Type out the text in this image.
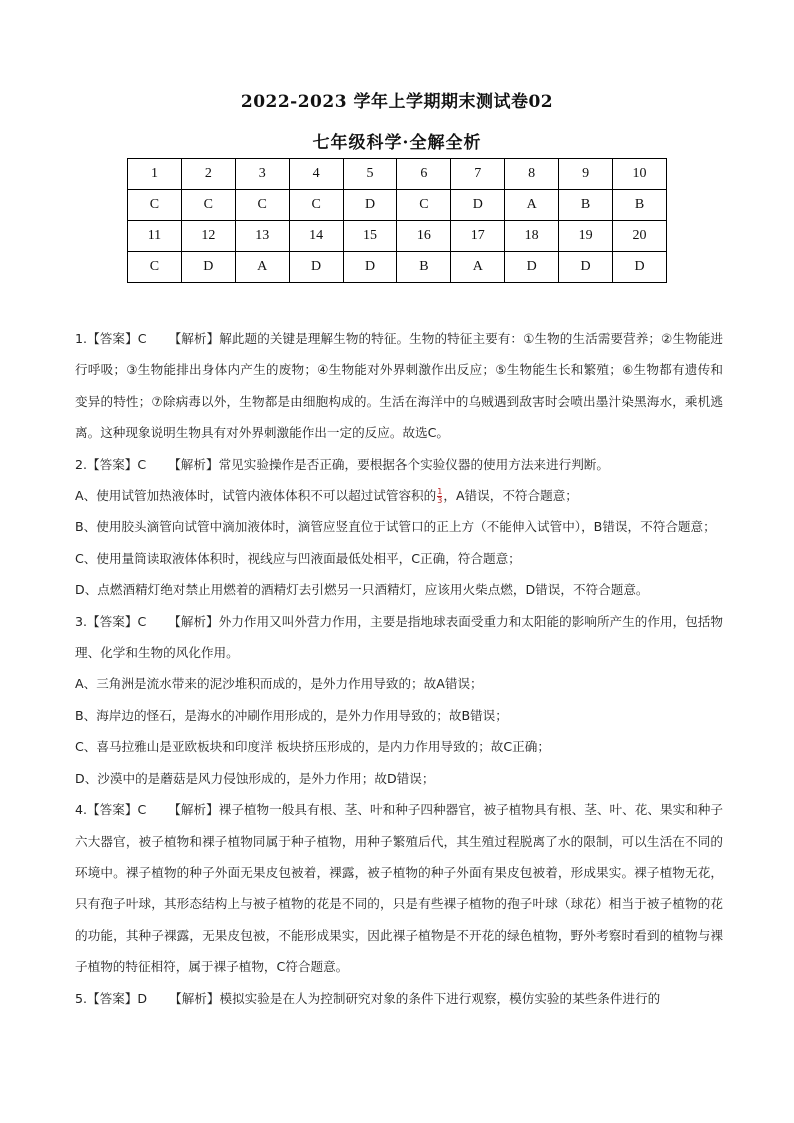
2022-2023 学年上学期期末测试卷02
七年级科学·全解全析
1	2	3	4	5	6	7	8	9	10
C	C	C	C	D	C	D	A	B	B
11	12	13	14	15	16	17	18	19	20
C	D	A	D	D	B	A	D	D	D

1.【答案】C 【解析】解此题的关键是理解生物的特征。生物的特征主要有：①生物的生活需要营养；②生物能进行呼吸；③生物能排出身体内产生的废物；④生物能对外界刺激作出反应；⑤生物能生长和繁殖；⑥生物都有遗传和变异的特性；⑦除病毒以外，生物都是由细胞构成的。生活在海洋中的乌贼遇到敌害时会喷出墨汁染黑海水，乘机逃离。这种现象说明生物具有对外界刺激能作出一定的反应。故选C。

2.【答案】C 【解析】常见实验操作是否正确，要根据各个实验仪器的使用方法来进行判断。

A、使用试管加热液体时，试管内液体体积不可以超过试管容积的 $\frac{1}{3}$ ，A错误，不符合题意；

B、使用胶头滴管向试管中滴加液体时，滴管应竖直位于试管口的正上方（不能伸入试管中），B错误，不符合题意；

C、使用量筒读取液体体积时，视线应与凹液面最低处相平，C正确，符合题意；

D、点燃酒精灯绝对禁止用燃着的酒精灯去引燃另一只酒精灯，应该用火柴点燃，D错误，不符合题意。

3.【答案】C 【解析】外力作用又叫外营力作用，主要是指地球表面受重力和太阳能的影响所产生的作用，包括物理、化学和生物的风化作用。

A、三角洲是流水带来的泥沙堆积而成的，是外力作用导致的；故A错误；

B、海岸边的怪石，是海水的冲刷作用形成的，是外力作用导致的；故B错误；

C、喜马拉雅山是亚欧板块和印度洋 板块挤压形成的，是内力作用导致的；故C正确；

D、沙漠中的是蘑菇是风力侵蚀形成的，是外力作用；故D错误；

4.【答案】C 【解析】裸子植物一般具有根、茎、叶和种子四种器官，被子植物具有根、茎、叶、花、果实和种子六大器官，被子植物和裸子植物同属于种子植物，用种子繁殖后代，其生殖过程脱离了水的限制，可以生活在不同的环境中。裸子植物的种子外面无果皮包被着，裸露，被子植物的种子外面有果皮包被着，形成果实。裸子植物无花，只有孢子叶球，其形态结构上与被子植物的花是不同的，只是有些裸子植物的孢子叶球（球花）相当于被子植物的花的功能，其种子裸露，无果皮包被，不能形成果实，因此裸子植物是不开花的绿色植物，野外考察时看到的植物与裸子植物的特征相符，属于裸子植物，C符合题意。

5.【答案】D 【解析】模拟实验是在人为控制研究对象的条件下进行观察，模仿实验的某些条件进行的
